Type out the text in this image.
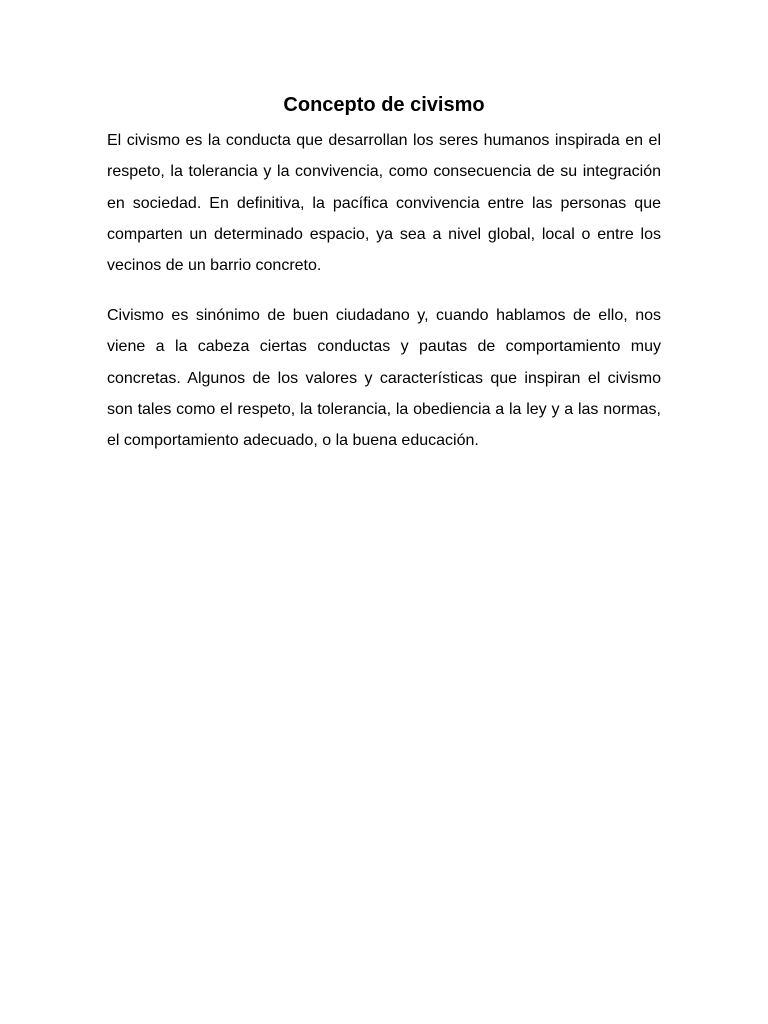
Concepto de civismo

El civismo es la conducta que desarrollan los seres humanos inspirada en el respeto, la tolerancia y la convivencia, como consecuencia de su integración en sociedad. En definitiva, la pacífica convivencia entre las personas que comparten un determinado espacio, ya sea a nivel global, local o entre los vecinos de un barrio concreto.

Civismo es sinónimo de buen ciudadano y, cuando hablamos de ello, nos viene a la cabeza ciertas conductas y pautas de comportamiento muy concretas. Algunos de los valores y características que inspiran el civismo son tales como el respeto, la tolerancia, la obediencia a la ley y a las normas, el comportamiento adecuado, o la buena educación.
